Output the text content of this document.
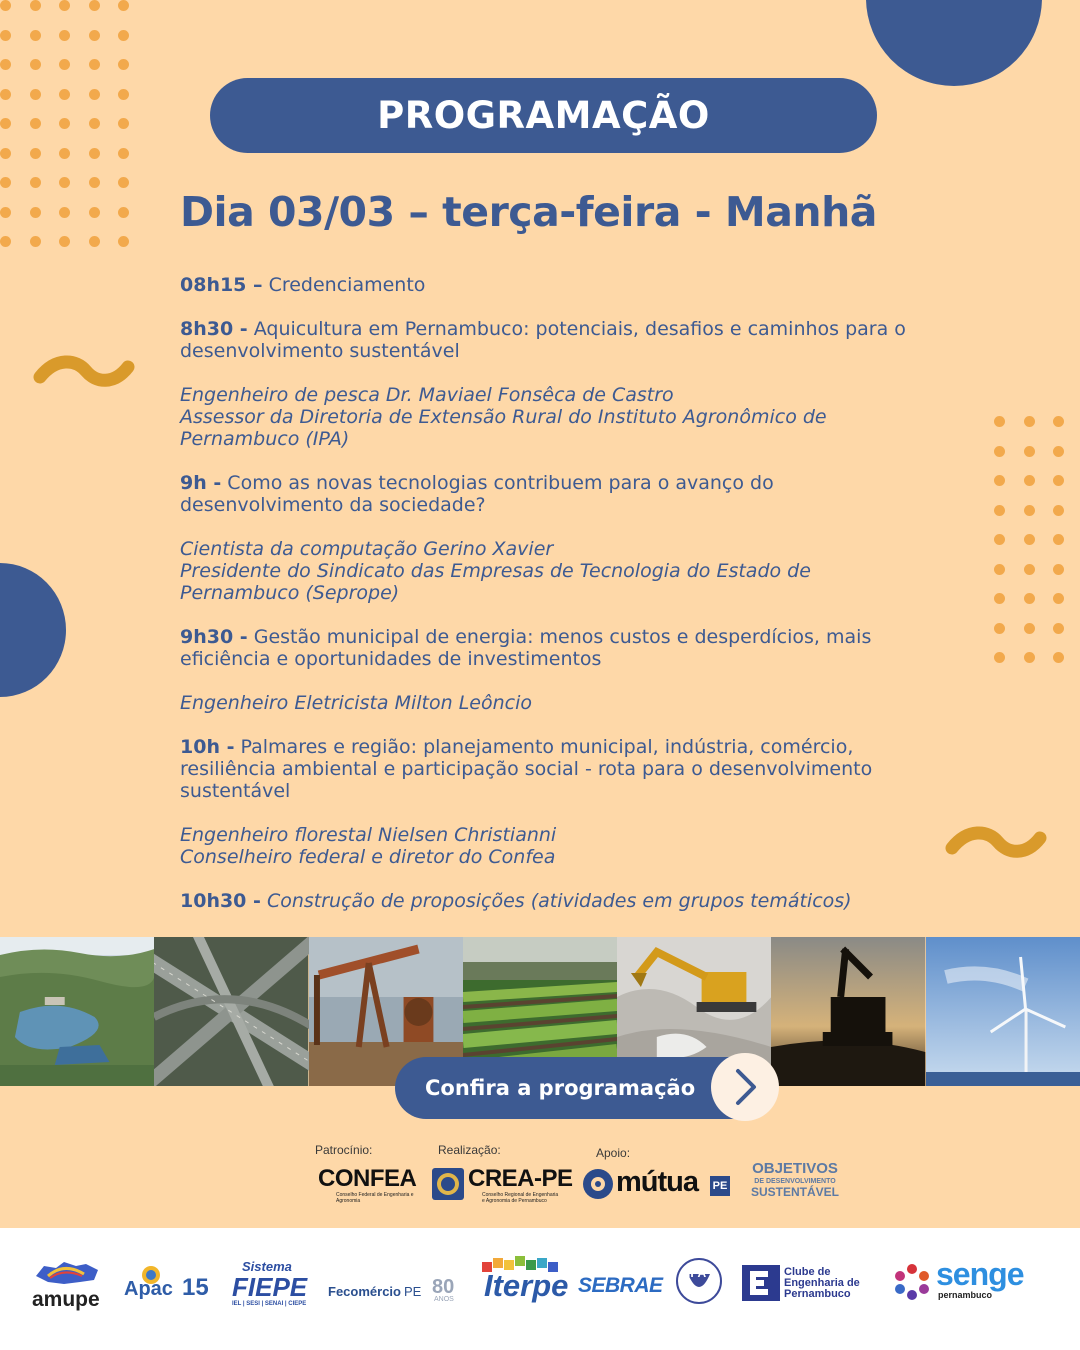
PROGRAMAÇÃO
Dia 03/03 – terça-feira - Manhã

08h15 – Credenciamento

8h30 - Aquicultura em Pernambuco: potenciais, desafios e caminhos para o desenvolvimento sustentável

Engenheiro de pesca Dr. Maviael Fonsêca de Castro
Assessor da Diretoria de Extensão Rural do Instituto Agronômico de Pernambuco (IPA)

9h - Como as novas tecnologias contribuem para o avanço do desenvolvimento da sociedade?

Cientista da computação Gerino Xavier
Presidente do Sindicato das Empresas de Tecnologia do Estado de Pernambuco (Seprope)

9h30 - Gestão municipal de energia: menos custos e desperdícios, mais eficiência e oportunidades de investimentos

Engenheiro Eletricista Milton Leôncio

10h - Palmares e região: planejamento municipal, indústria, comércio, resiliência ambiental e participação social - rota para o desenvolvimento sustentável

Engenheiro florestal Nielsen Christianni
Conselheiro federal e diretor do Confea

10h30 - Construção de proposições (atividades em grupos temáticos)

Confira a programação
Patrocínio:	Realização:	Apoio:
CONFEA
Conselho Federal de Engenharia e Agronomia
CREA-PE
Conselho Regional de Engenharia e Agronomia de Pernambuco
mútua PE
OBJETIVOS
DE DESENVOLVIMENTO
SUSTENTÁVEL
amupe Apac 15
Sistema
FIEPE
IEL | SESI | SENAI | CIEPE
Fecomércio PE 80
ANOS Iterpe SEBRAE
IPA	Clube de
Engenharia de
Pernambuco
senge
pernambuco
